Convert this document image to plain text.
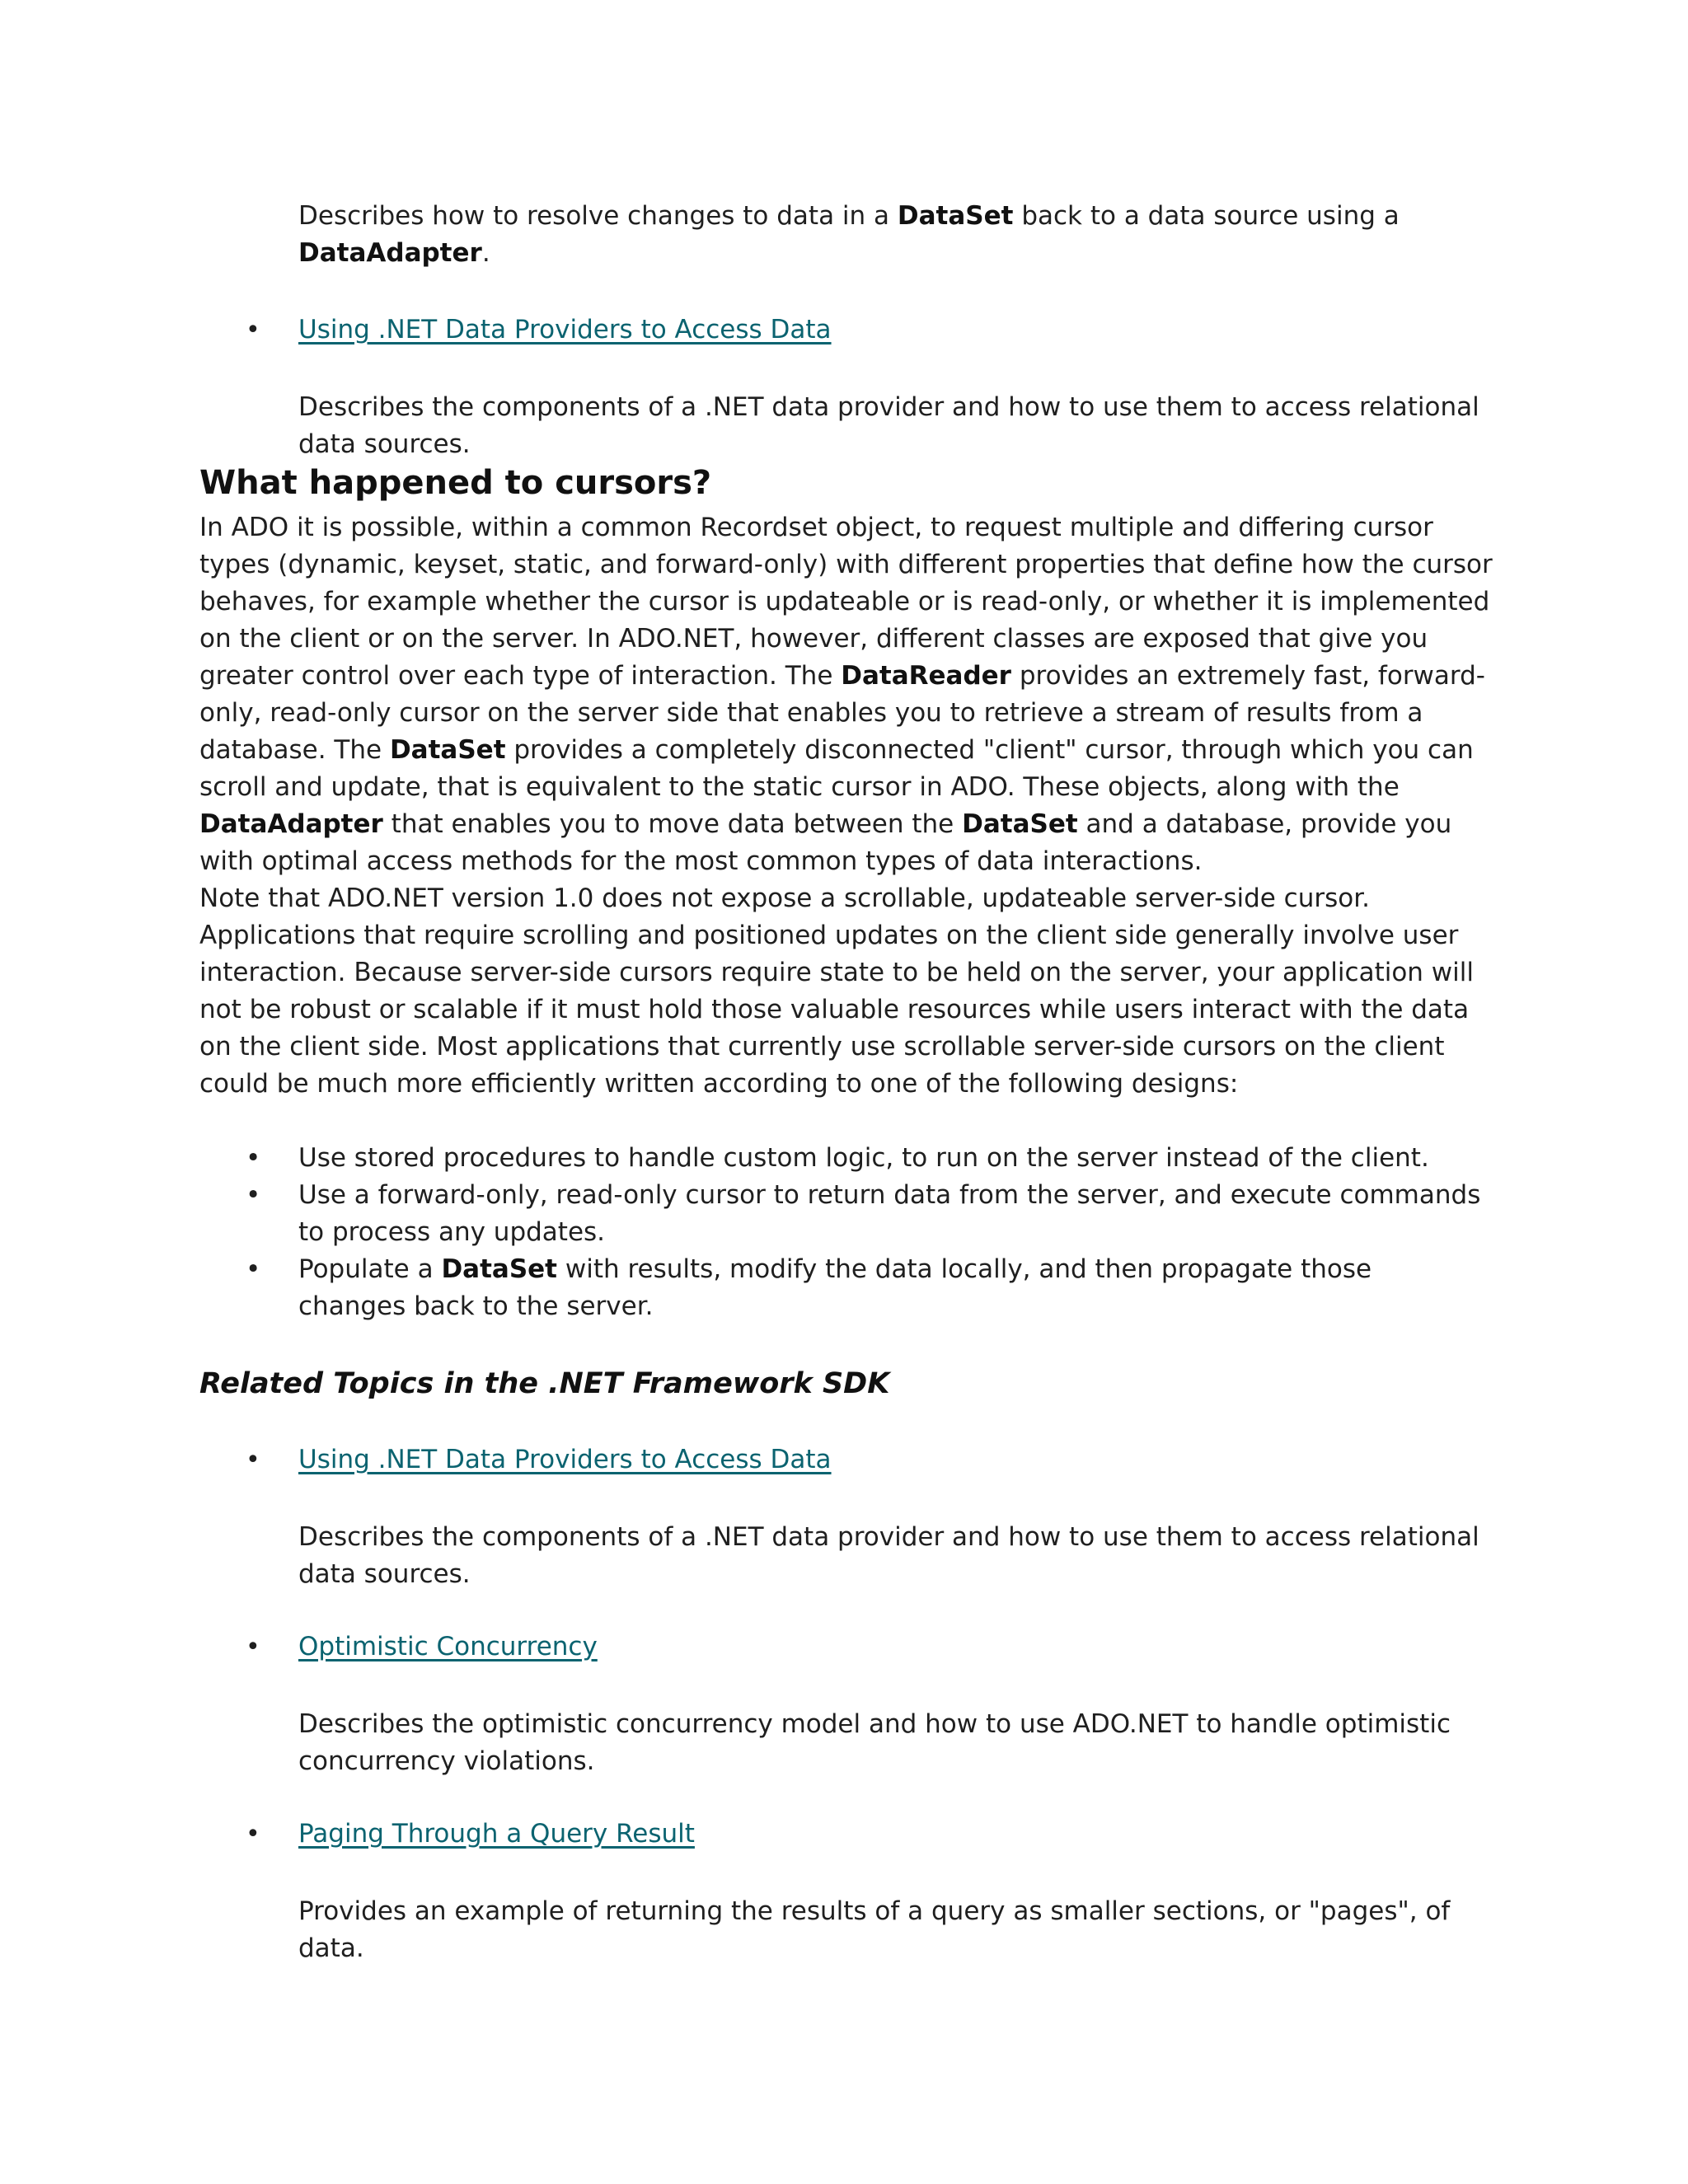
Describes how to resolve changes to data in a DataSet back to a data source using a DataAdapter.

• Using .NET Data Providers to Access Data

Describes the components of a .NET data provider and how to use them to access relational data sources.

What happened to cursors?

In ADO it is possible, within a common Recordset object, to request multiple and differing cursor types (dynamic, keyset, static, and forward-only) with different properties that define how the cursor behaves, for example whether the cursor is updateable or is read-only, or whether it is implemented on the client or on the server. In ADO.NET, however, different classes are exposed that give you greater control over each type of interaction. The DataReader provides an extremely fast, forward-only, read-only cursor on the server side that enables you to retrieve a stream of results from a database. The DataSet provides a completely disconnected "client" cursor, through which you can scroll and update, that is equivalent to the static cursor in ADO. These objects, along with the DataAdapter that enables you to move data between the DataSet and a database, provide you with optimal access methods for the most common types of data interactions.

Note that ADO.NET version 1.0 does not expose a scrollable, updateable server-side cursor. Applications that require scrolling and positioned updates on the client side generally involve user interaction. Because server-side cursors require state to be held on the server, your application will not be robust or scalable if it must hold those valuable resources while users interact with the data on the client side. Most applications that currently use scrollable server-side cursors on the client could be much more efficiently written according to one of the following designs:

• Use stored procedures to handle custom logic, to run on the server instead of the client.
• Use a forward-only, read-only cursor to return data from the server, and execute commands to process any updates.
• Populate a DataSet with results, modify the data locally, and then propagate those changes back to the server.
Related Topics in the .NET Framework SDK
• Using .NET Data Providers to Access Data

Describes the components of a .NET data provider and how to use them to access relational data sources.

• Optimistic Concurrency

Describes the optimistic concurrency model and how to use ADO.NET to handle optimistic concurrency violations.

• Paging Through a Query Result

Provides an example of returning the results of a query as smaller sections, or "pages", of data.
